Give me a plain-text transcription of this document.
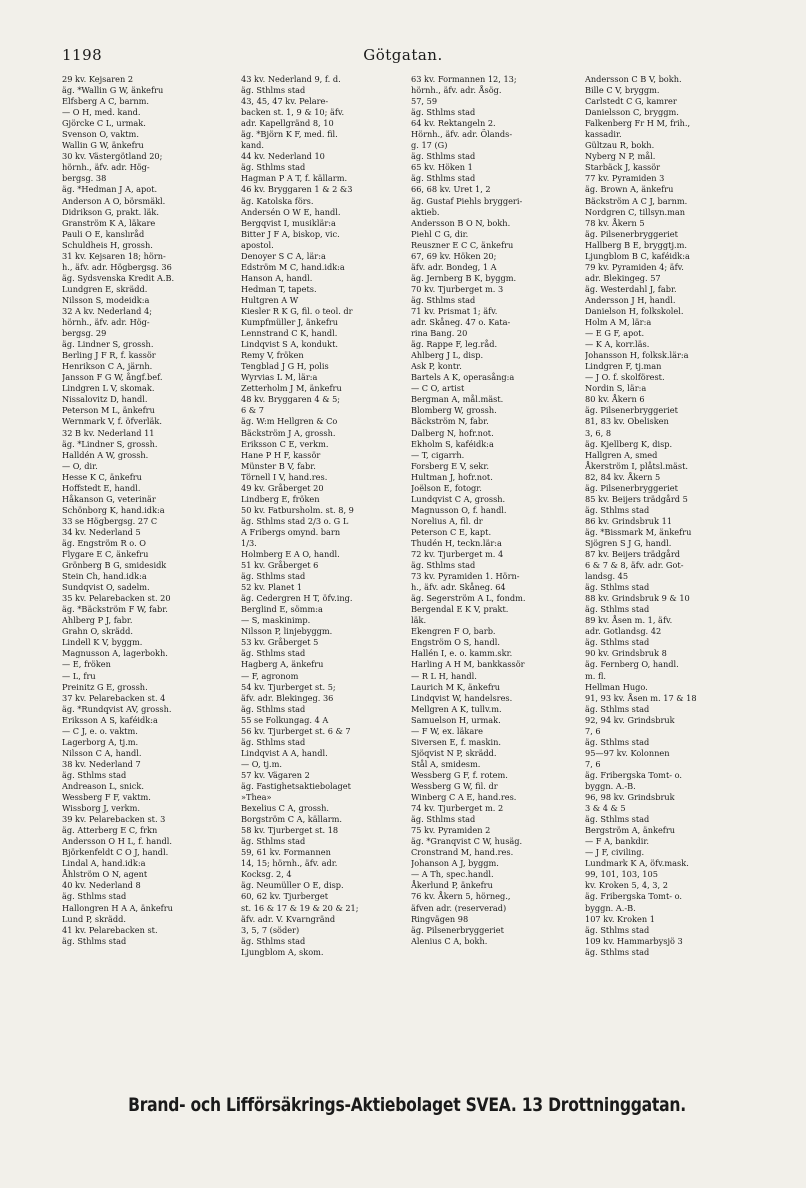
1198	Götgatan.
29 kv. Kejsaren 2
äg. *Wallin G W, änkefru
Elfsberg A C, barnm.
— O H, med. kand.
Gjörcke C L, urmak.
Svenson O, vaktm.
Wallin G W, änkefru
30 kv. Västergötland 20;
hörnh., äfv. adr. Hög-
bergsg. 38
äg. *Hedman J A, apot.
Anderson A O, börsmäkl.
Didrikson G, prakt. läk.
Granström K A, läkare
Pauli O E, kanslıråd
Schuldheis H, grossh.
31 kv. Kejsaren 18; hörn-
h., äfv. adr. Högbergsg. 36
äg. Sydsvenska Kredit A.B.
Lundgren E, skrädd.
Nilsson S, modeidk:a
32 A kv. Nederland 4;
hörnh., äfv. adr. Hög-
bergsg. 29
äg. Lindner S, grossh.
Berling J F R, f. kassör
Henrikson C A, järnh.
Jansson F G W, ångf.bef.
Lindgren L V, skomak.
Nissalovitz D, handl.
Peterson M L, änkefru
Wernmark V, f. öfverläk.
32 B kv. Nederland 11
äg. *Lindner S, grossh.
Halldén A W, grossh.
— O, dir.
Hesse K C, änkefru
Hoffstedt E, handl.
Håkanson G, veterinär
Schönborg K, hand.idk:a
33 se Högbergsg. 27 C
34 kv. Nederland 5
äg. Engström R o. O
Flygare E C, änkefru
Grönberg B G, smidesidk
Stein Ch, hand.idk:a
Sundqvist O, sadelm.
35 kv. Pelarebacken st. 20
äg. *Bäckström F W, fabr.
Ahlberg P J, fabr.
Grahn O, skrädd.
Lindell K V, byggm.
Magnusson A, lagerbokh.
— E, fröken
— L, fru
Preinitz G E, grossh.
37 kv. Pelarebacken st. 4
äg. *Rundqvist AV, grossh.
Eriksson A S, kaféidk:a
— C J, e. o. vaktm.
Lagerborg A, tj.m.
Nilsson C A, handl.
38 kv. Nederland 7
äg. Sthlms stad
Andreason L, snick.
Wessberg F F, vaktm.
Wissborg J, verkm.
39 kv. Pelarebacken st. 3
äg. Atterberg E C, frkn
Andersson O H L, f. handl.
Björkenfeldt C O J, handl.
Lindal A, hand.idk:a
Åhlström O N, agent
40 kv. Nederland 8
äg. Sthlms stad
Hallongren H A A, änkefru
Lund P, skrädd.
41 kv. Pelarebacken st.
äg. Sthlms stad
43 kv. Nederland 9, f. d.
äg. Sthlms stad
43, 45, 47 kv. Pelare-
backen st. 1, 9 & 10; äfv.
adr. Kapellgränd 8, 10
äg. *Björn K F, med. fil.
kand.
44 kv. Nederland 10
äg. Sthlms stad
Hagman P A T, f. källarm.
46 kv. Bryggaren 1 & 2 &3
äg. Katolska förs.
Andersén O W E, handl.
Bergqvist I, musiklär:a
Bitter J F A, biskop, vic.
apostol.
Denoyer S C A, lär:a
Edström M C, hand.idk:a
Hanson A, handl.
Hedman T, tapets.
Hultgren A W
Kiesler R K G, fil. o teol. dr
Kumpfmüller J, änkefru
Lennstrand C K, handl.
Lindqvist S A, kondukt.
Remy V, fröken
Tengblad J G H, polis
Wyrvias L M, lär:a
Zetterholm J M, änkefru
48 kv. Bryggaren 4 & 5;
6 & 7
äg. W:m Hellgren & Co
Bäckström J A, grossh.
Eriksson C E, verkm.
Hane P H F, kassör
Münster B V, fabr.
Törnell I V, hand.res.
49 kv. Gråberget 20
Lindberg E, fröken
50 kv. Fatbursholm. st. 8, 9
äg. Sthlms stad 2/3 o. G L
A Fribergs omynd. barn
1/3.
Holmberg E A O, handl.
51 kv. Gråberget 6
äg. Sthlms stad
52 kv. Planet 1
äg. Cedergren H T, öfv.ing.
Berglind E, sömm:a
— S, maskinimp.
Nilsson P, linjebyggm.
53 kv. Gråberget 5
äg. Sthlms stad
Hagberg A, änkefru
— F, agronom
54 kv. Tjurberget st. 5;
äfv. adr. Blekingeg. 36
äg. Sthlms stad
55 se Folkungag. 4 A
56 kv. Tjurberget st. 6 & 7
äg. Sthlms stad
Lindqvist A A, handl.
— O, tj.m.
57 kv. Vägaren 2
äg. Fastighetsaktiebolaget
»Thea»
Bexelius C A, grossh.
Borgström C A, källarm.
58 kv. Tjurberget st. 18
äg. Sthlms stad
59, 61 kv. Formannen
14, 15; hörnh., äfv. adr.
Kocksg. 2, 4
äg. Neumüller O E, disp.
60, 62 kv. Tjurberget
st. 16 & 17 & 19 & 20 & 21;
äfv. adr. V. Kvarngränd
3, 5, 7 (söder)
äg. Sthlms stad
Ljungblom A, skom.
63 kv. Formannen 12, 13;
hörnh., äfv. adr. Åsög.
57, 59
äg. Sthlms stad
64 kv. Rektangeln 2.
Hörnh., äfv. adr. Ölands-
g. 17 (G)
äg. Sthlms stad
65 kv. Höken 1
äg. Sthlms stad
66, 68 kv. Uret 1, 2
äg. Gustaf Piehls bryggeri-
aktieb.
Andersson B O N, bokh.
Piehl C G, dir.
Reuszner E C C, änkefru
67, 69 kv. Höken 20;
äfv. adr. Bondeg, 1 A
äg. Jernberg B K, byggm.
70 kv. Tjurberget m. 3
äg. Sthlms stad
71 kv. Prismat 1; äfv.
adr. Skåneg. 47 o. Kata-
rina Bang. 20
äg. Rappe F, leg.råd.
Ahlberg J L, disp.
Ask P, kontr.
Bartels A K, operasång:a
— C O, artist
Bergman A, mål.mäst.
Blomberg W, grossh.
Bäckström N, fabr.
Dalberg N, hofr.not.
Ekholm S, kaféidk:a
— T, cigarrh.
Forsberg E V, sekr.
Hultman J, hofr.not.
Joëlson E, fotogr.
Lundqvist C A, grossh.
Magnusson O, f. handl.
Norelius A, fil. dr
Peterson C E, kapt.
Thudén H, teckn.lär:a
72 kv. Tjurberget m. 4
äg. Sthlms stad
73 kv. Pyramiden 1. Hörn-
h., äfv. adr. Skåneg. 64
äg. Segerström A L, fondm.
Bergendal E K V, prakt.
läk.
Ekengren F O, barb.
Engström O S, handl.
Hallén I, e. o. kamm.skr.
Harling A H M, bankkassör
— R L H, handl.
Laurich M K, änkefru
Lindqvist W, handelsres.
Mellgren A K, tullv.m.
Samuelson H, urmak.
— F W, ex. läkare
Siversen E, f. maskin.
Sjöqvist N P, skrädd.
Stål A, smidesm.
Wessberg G F, f. rotem.
Wessberg G W, fil. dr
Winberg C A E, hand.res.
74 kv. Tjurberget m. 2
äg. Sthlms stad
75 kv. Pyramiden 2
äg. *Granqvist C W, husäg.
Cronstrand M, hand.res.
Johanson A J, byggm.
— A Th, spec.handl.
Åkerlund P, änkefru
76 kv. Åkern 5, hörneg.,
äfven adr. (reserverad)
Ringvägen 98
äg. Pilsenerbryggeriet
Alenius C A, bokh.
Andersson C B V, bokh.
Bille C V, bryggm.
Carlstedt C G, kamrer
Danielsson C, bryggm.
Falkenberg Fr H M, frih.,
kassadir.
Gültzau R, bokh.
Nyberg N P, mål.
Starbäck J, kassör
77 kv. Pyramiden 3
äg. Brown A, änkefru
Bäckström A C J, barnm.
Nordgren C, tillsyn.man
78 kv. Åkern 5
äg. Pilsenerbryggeriet
Hallberg B E, bryggtj.m.
Ljungblom B C, kaféidk:a
79 kv. Pyramiden 4; äfv.
adr. Blekingeg. 57
äg. Westerdahl J, fabr.
Andersson J H, handl.
Danielson H, folkskolel.
Holm A M, lär:a
— E G F, apot.
— K A, korr.läs.
Johansson H, folksk.lär:a
Lindgren F, tj.man
— J O. f. skolförest.
Nordin S, lär:a
80 kv. Åkern 6
äg. Pilsenerbryggeriet
81, 83 kv. Obelisken
3, 6, 8
äg. Kjellberg K, disp.
Hallgren A, smed
Åkerström I, plåtsl.mäst.
82, 84 kv. Åkern 5
äg. Pilsenerbryggeriet
85 kv. Beijers trädgård 5
äg. Sthlms stad
86 kv. Grindsbruk 11
äg. *Bissmark M, änkefru
Sjögren S J G, handl.
87 kv. Beijers trädgård
6 & 7 & 8, äfv. adr. Got-
landsg. 45
äg. Sthlms stad
88 kv. Grindsbruk 9 & 10
äg. Sthlms stad
89 kv. Åsen m. 1, äfv.
adr. Gotlandsg. 42
äg. Sthlms stad
90 kv. Grindsbruk 8
äg. Fernberg O, handl.
m. fl.
Hellman Hugo.
91, 93 kv. Åsen m. 17 & 18
äg. Sthlms stad
92, 94 kv. Grindsbruk
7, 6
äg. Sthlms stad
95—97 kv. Kolonnen
7, 6
äg. Fribergska Tomt- o.
byggn. A.-B.
96, 98 kv. Grindsbruk
3 & 4 & 5
äg. Sthlms stad
Bergström A, änkefru
— F A, bankdir.
— J F, civiling.
Lundmark K A, öfv.mask.
99, 101, 103, 105
kv. Kroken 5, 4, 3, 2
äg. Fribergska Tomt- o.
byggn. A.-B.
107 kv. Kroken 1
äg. Sthlms stad
109 kv. Hammarbysjö 3
äg. Sthlms stad
Brand- och Lifförsäkrings-Aktiebolaget SVEA. 13 Drottninggatan.
